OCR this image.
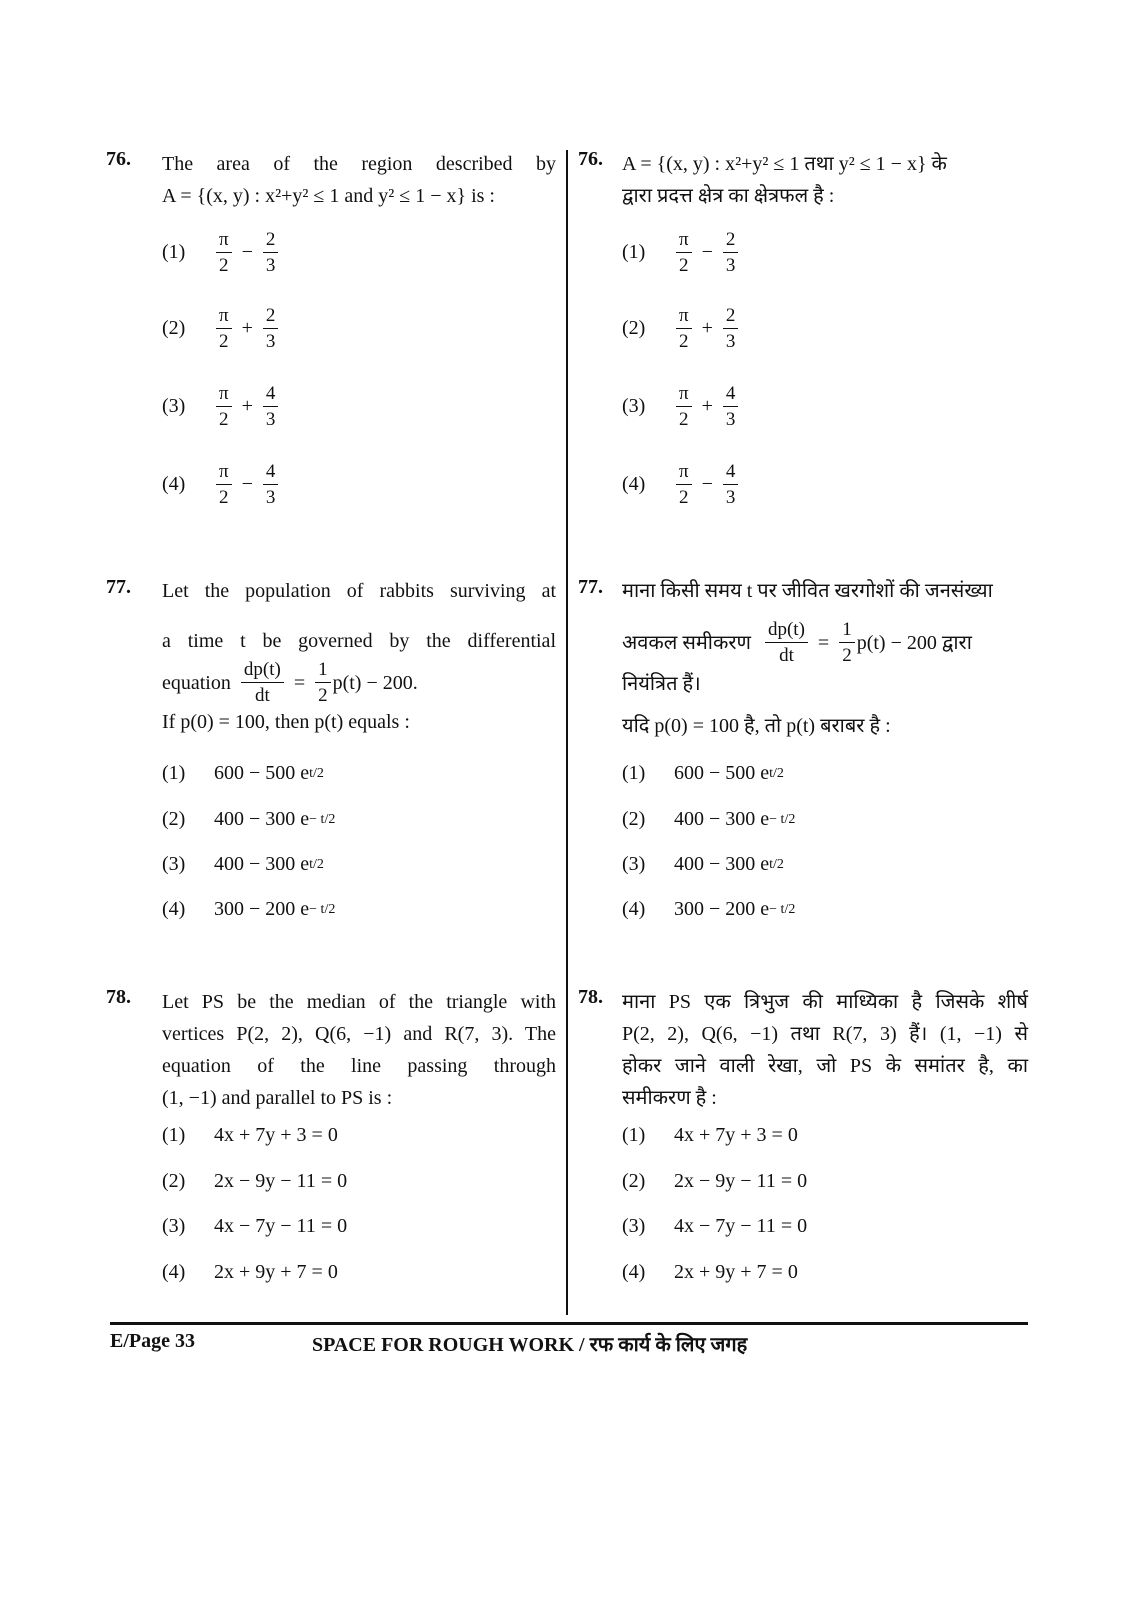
76. The area of the region described by
A = {(x, y) : x²+y² ≤ 1 and y² ≤ 1 − x} is :
(1)	$\frac{\pi}{2} - \frac{2}{3}$
(2)	$\frac{\pi}{2} + \frac{2}{3}$
(3)	$\frac{\pi}{2} + \frac{4}{3}$
(4)	$\frac{\pi}{2} - \frac{4}{3}$
77. Let the population of rabbits surviving at
a time t be governed by the differential
equation $\frac{dp(t)}{dt} = \frac{1}{2} p(t) - 200$.
If p(0) = 100, then p(t) equals :
(1)	600 − 500 e t/2
(2)	400 − 300 e − t/2
(3)	400 − 300 e t/2
(4)	300 − 200 e − t/2
78. Let PS be the median of the triangle with
vertices P(2, 2), Q(6, −1) and R(7, 3). The
equation of the line passing through
(1, −1) and parallel to PS is :
(1)	4x + 7y + 3 = 0
(2)	2x − 9y − 11 = 0
(3)	4x − 7y − 11 = 0
(4)	2x + 9y + 7 = 0
76. A = {(x, y) : x²+y² ≤ 1 तथा y² ≤ 1 − x} के
द्वारा प्रदत्त क्षेत्र का क्षेत्रफल है :
(1)	$\frac{\pi}{2} - \frac{2}{3}$
(2)	$\frac{\pi}{2} + \frac{2}{3}$
(3)	$\frac{\pi}{2} + \frac{4}{3}$
(4)	$\frac{\pi}{2} - \frac{4}{3}$
77. माना किसी समय t पर जीवित खरगोशों की जनसंख्या
अवकल समीकरण $\frac{dp(t)}{dt} = \frac{1}{2} p(t) - 200$ द्वारा
नियंत्रित हैं।
यदि p(0) = 100 है, तो p(t) बराबर है :
(1)	600 − 500 e t/2
(2)	400 − 300 e − t/2
(3)	400 − 300 e t/2
(4)	300 − 200 e − t/2
78. माना PS एक त्रिभुज की माध्यिका है जिसके शीर्ष
P(2, 2), Q(6, −1) तथा R(7, 3) हैं। (1, −1) से
होकर जाने वाली रेखा, जो PS के समांतर है, का
समीकरण है :
(1)	4x + 7y + 3 = 0
(2)	2x − 9y − 11 = 0
(3)	4x − 7y − 11 = 0
(4)	2x + 9y + 7 = 0
E/Page 33	SPACE FOR ROUGH WORK / रफ कार्य के लिए जगह
